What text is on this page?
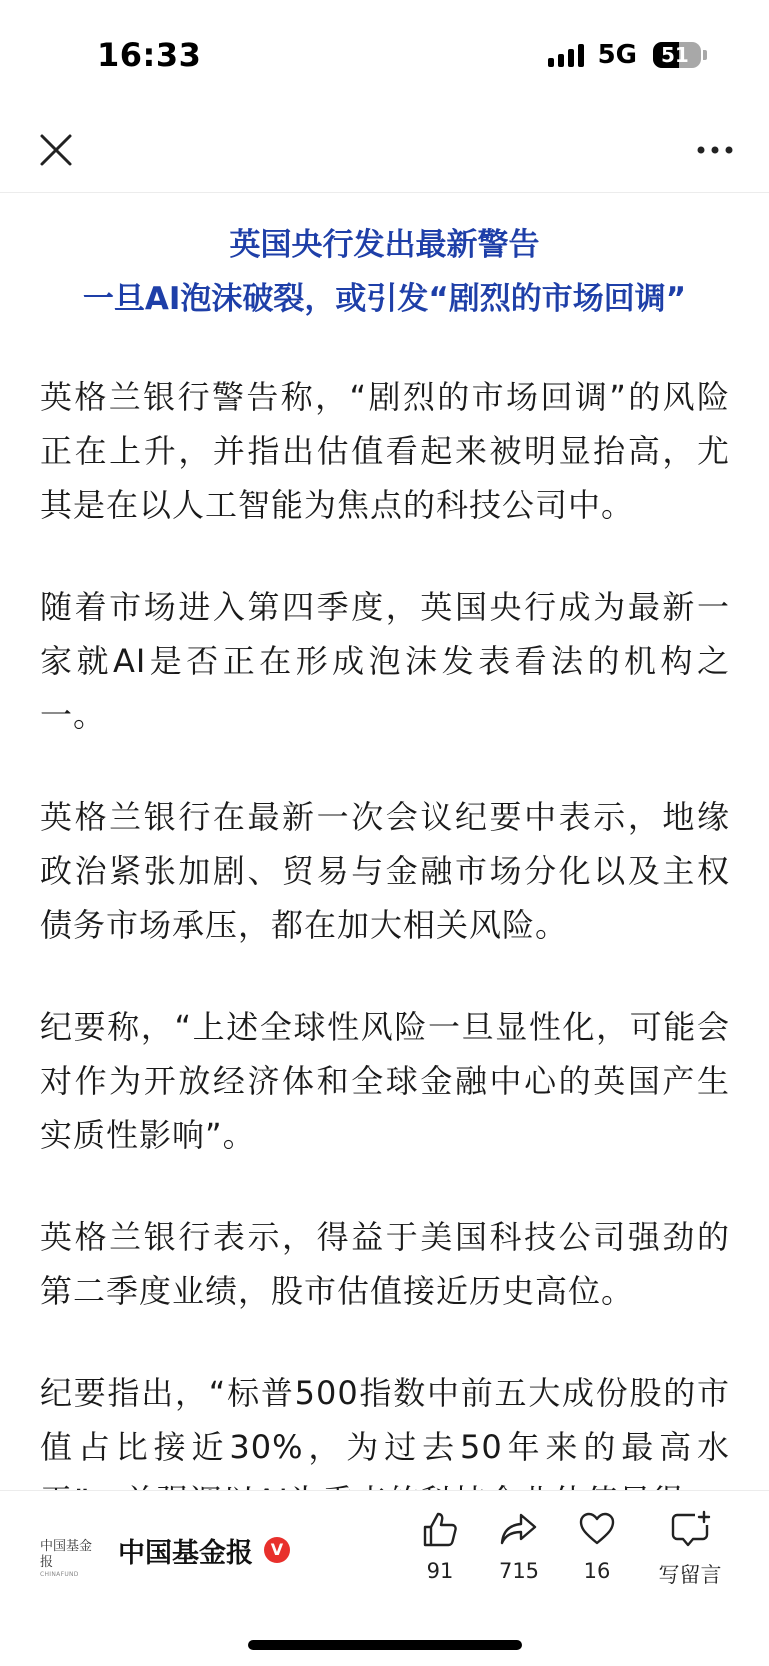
16:33	5G	51
英国央行发出最新警告
一旦AI泡沫破裂，或引发“剧烈的市场回调”

英格兰银行警告称，“剧烈的市场回调”的风险正在上升，并指出估值看起来被明显抬高，尤其是在以人工智能为焦点的科技公司中。

随着市场进入第四季度，英国央行成为最新一家就AI是否正在形成泡沫发表看法的机构之一。

英格兰银行在最新一次会议纪要中表示，地缘政治紧张加剧、贸易与金融市场分化以及主权债务市场承压，都在加大相关风险。

纪要称，“上述全球性风险一旦显性化，可能会对作为开放经济体和全球金融中心的英国产生实质性影响”。

英格兰银行表示，得益于美国科技公司强劲的第二季度业绩，股市估值接近历史高位。

纪要指出，“标普500指数中前五大成份股的市值占比接近30%，为过去50年来的最高水

中国基金报
CHINAFUND
中国基金报	V
91	715	16	写留言
